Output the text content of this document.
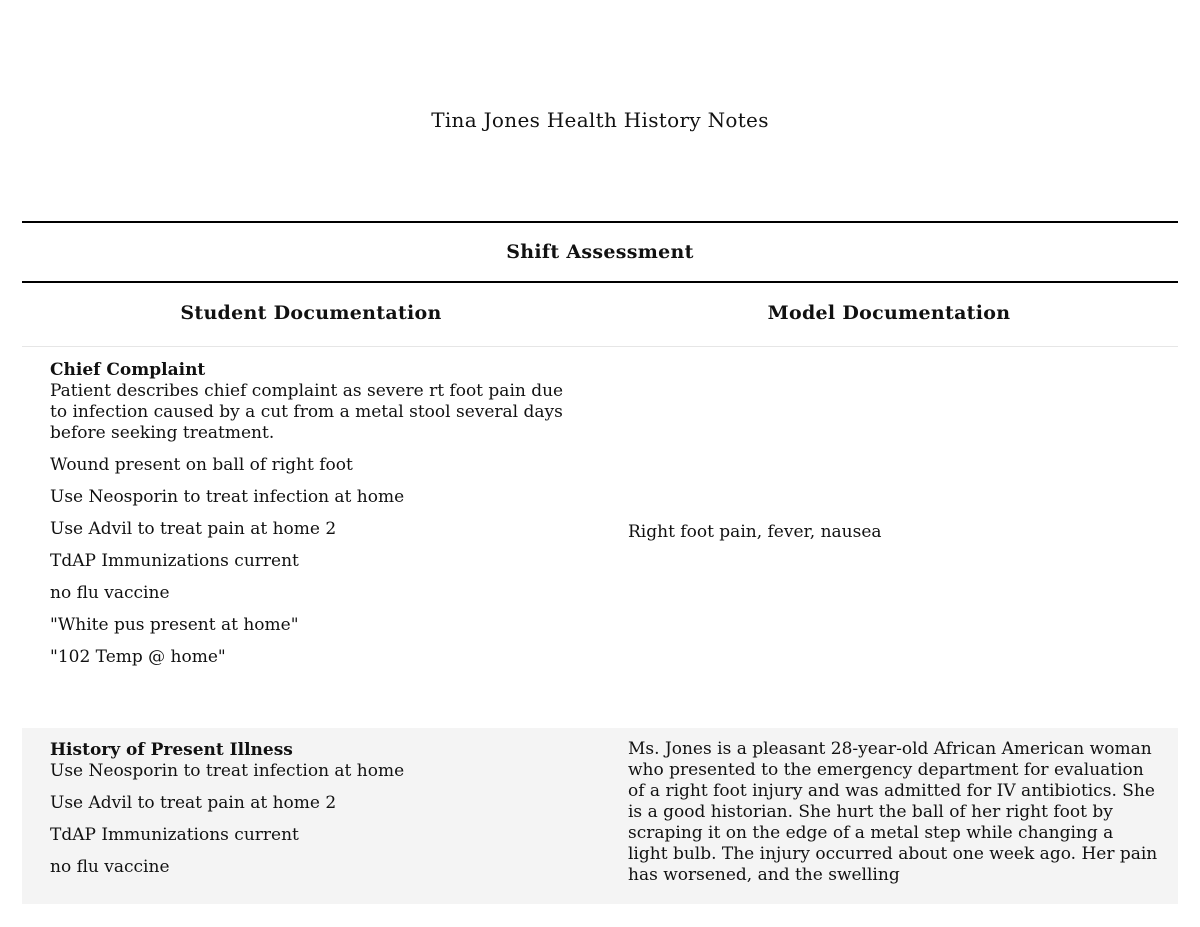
Tina Jones Health History Notes
Shift Assessment
Student Documentation	Model Documentation
Chief Complaint
Patient describes chief complaint as severe rt foot pain due to infection caused by a cut from a metal stool several days before seeking treatment.
Wound present on ball of right foot
Use Neosporin to treat infection at home
Use Advil to treat pain at home 2
TdAP Immunizations current
no flu vaccine
"White pus present at home"
"102 Temp @ home"
Right foot pain, fever, nausea
History of Present Illness
Use Neosporin to treat infection at home
Use Advil to treat pain at home 2
TdAP Immunizations current
no flu vaccine
Ms. Jones is a pleasant 28-year-old African American woman who presented to the emergency department for evaluation of a right foot injury and was admitted for IV antibiotics. She is a good historian. She hurt the ball of her right foot by scraping it on the edge of a metal step while changing a light bulb. The injury occurred about one week ago. Her pain has worsened, and the swelling
